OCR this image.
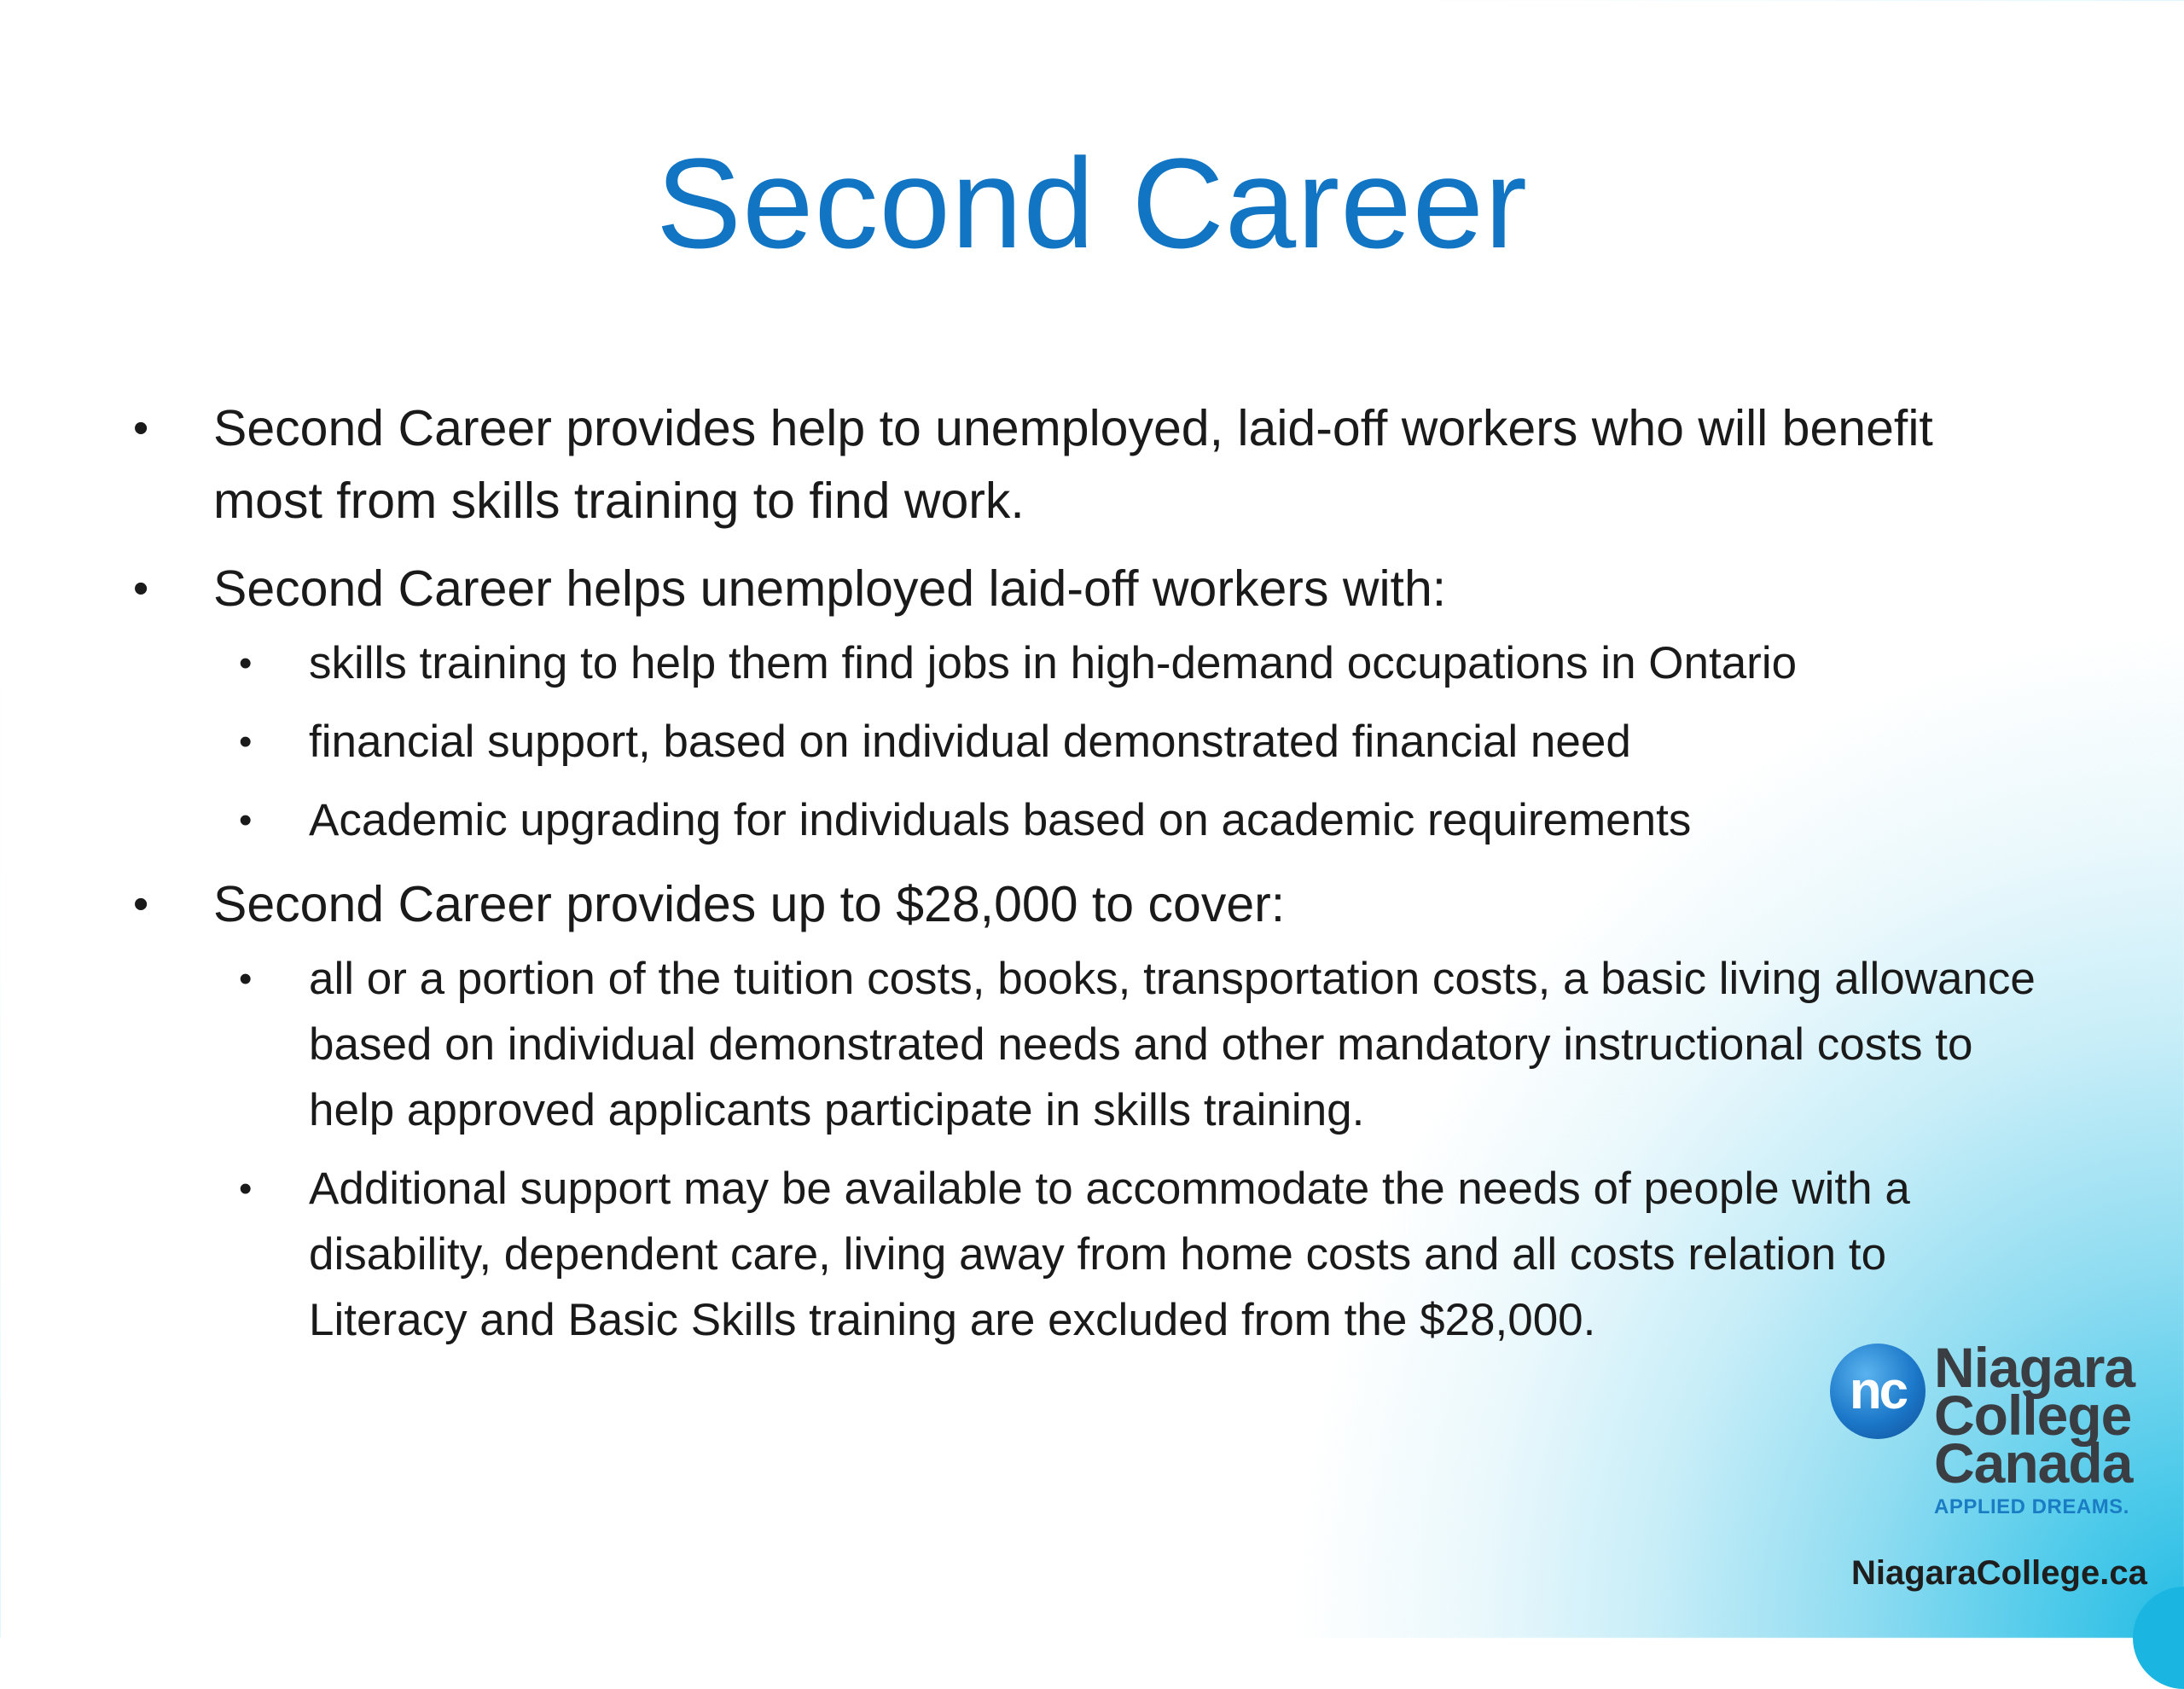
Second Career
• Second Career provides help to unemployed, laid-off workers who will benefit most from skills training to find work.
• Second Career helps unemployed laid-off workers with:
• skills training to help them find jobs in high-demand occupations in Ontario
• financial support, based on individual demonstrated financial need
• Academic upgrading for individuals based on academic requirements
• Second Career provides up to $28,000 to cover:
• all or a portion of the tuition costs, books, transportation costs, a basic living allowance based on individual demonstrated needs and other mandatory instructional costs to help approved applicants participate in skills training.
• Additional support may be available to accommodate the needs of people with a disability, dependent care, living away from home costs and all costs relation to Literacy and Basic Skills training are excluded from the $28,000.
nc Niagara
College
Canada
APPLIED DREAMS.
NiagaraCollege.ca
